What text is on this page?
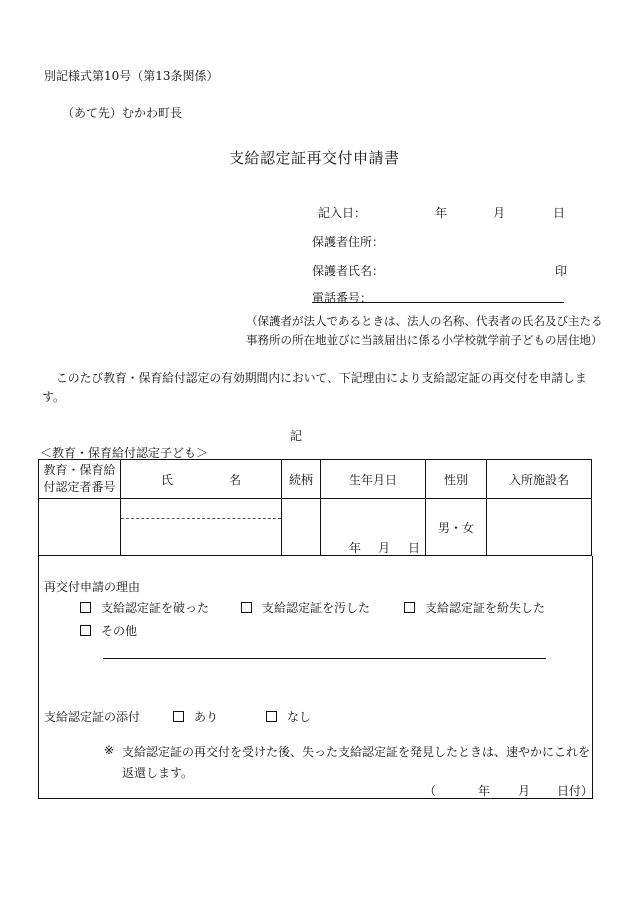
別記様式第10号（第13条関係）
（あて先）むかわ町長
支給認定証再交付申請書
記入日：	年	月	日
保護者住所：
保護者氏名：	印
電話番号：
（保護者が法人であるときは、法人の名称、代表者の氏名及び主たる
事務所の所在地並びに当該届出に係る小学校就学前子どもの居住地）
このたび教育・保育給付認定の有効期間内において、下記理由により支給認定証の再交付を申請しま
す。
記
＜教育・保育給付認定子ども＞
教育・保育給
付認定者番号	氏 名	続柄	生年月日	性別	入所施設名

			年 月 日	男・女	
再交付申請の理由
支給認定証を破った	支給認定証を汚した	支給認定証を紛失した
その他
支給認定証の添付	あり	なし
※ 支給認定証の再交付を受けた後、失った支給認定証を発見したときは、速やかにこれを
返還します。
（	年 月 日付）
